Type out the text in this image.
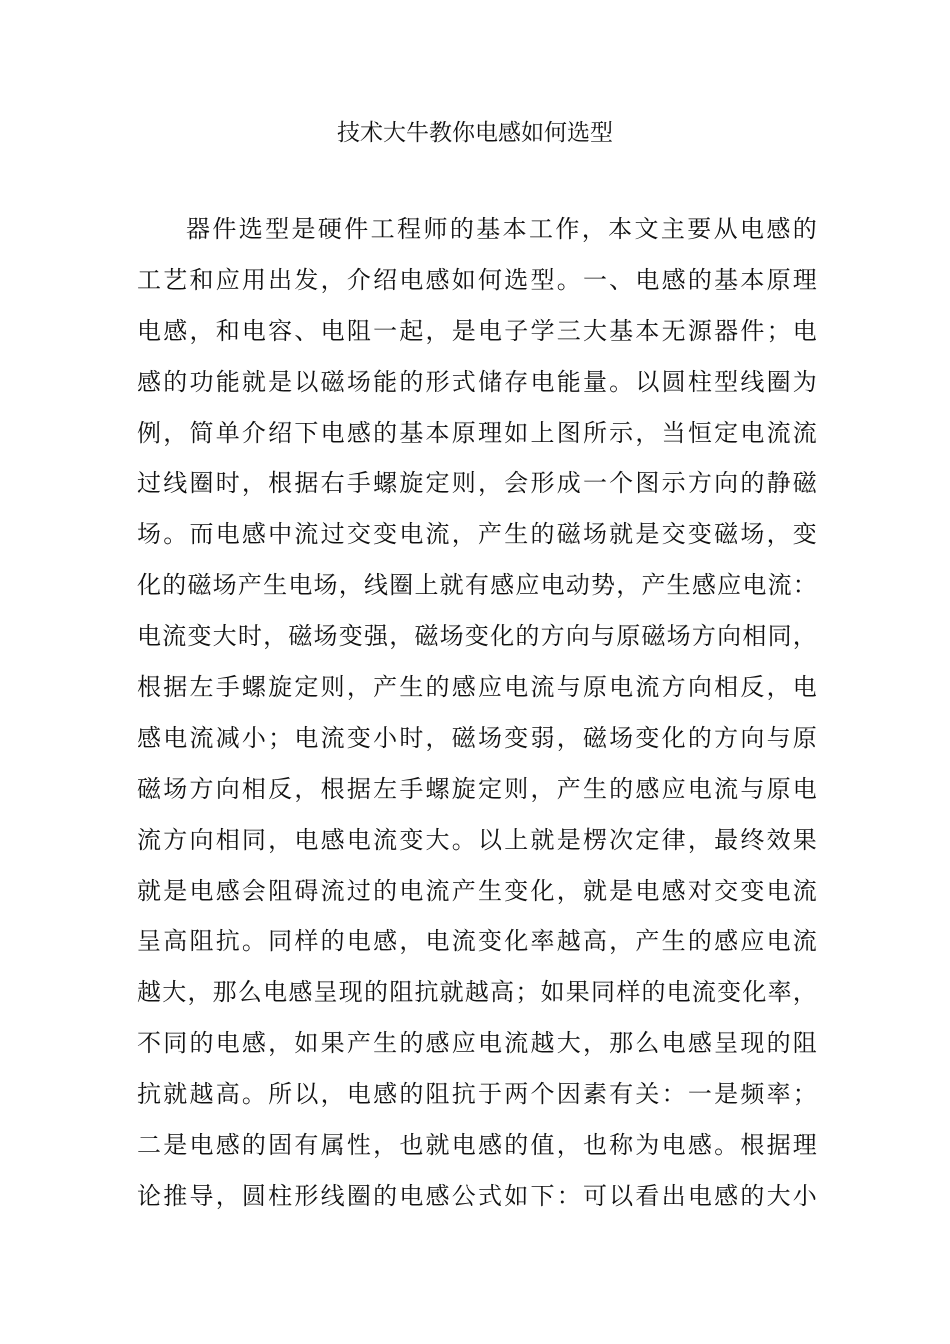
技术大牛教你电感如何选型
器件选型是硬件工程师的基本工作，本文主要从电感的
工艺和应用出发，介绍电感如何选型。一、电感的基本原理
电感，和电容、电阻一起，是电子学三大基本无源器件；电
感的功能就是以磁场能的形式储存电能量。以圆柱型线圈为
例，简单介绍下电感的基本原理如上图所示，当恒定电流流
过线圈时，根据右手螺旋定则，会形成一个图示方向的静磁
场。而电感中流过交变电流，产生的磁场就是交变磁场，变
化的磁场产生电场，线圈上就有感应电动势，产生感应电流：
电流变大时，磁场变强，磁场变化的方向与原磁场方向相同，
根据左手螺旋定则，产生的感应电流与原电流方向相反，电
感电流减小；电流变小时，磁场变弱，磁场变化的方向与原
磁场方向相反，根据左手螺旋定则，产生的感应电流与原电
流方向相同，电感电流变大。以上就是楞次定律，最终效果
就是电感会阻碍流过的电流产生变化，就是电感对交变电流
呈高阻抗。同样的电感，电流变化率越高，产生的感应电流
越大，那么电感呈现的阻抗就越高；如果同样的电流变化率，
不同的电感，如果产生的感应电流越大，那么电感呈现的阻
抗就越高。所以，电感的阻抗于两个因素有关：一是频率；
二是电感的固有属性，也就电感的值，也称为电感。根据理
论推导，圆柱形线圈的电感公式如下：可以看出电感的大小
